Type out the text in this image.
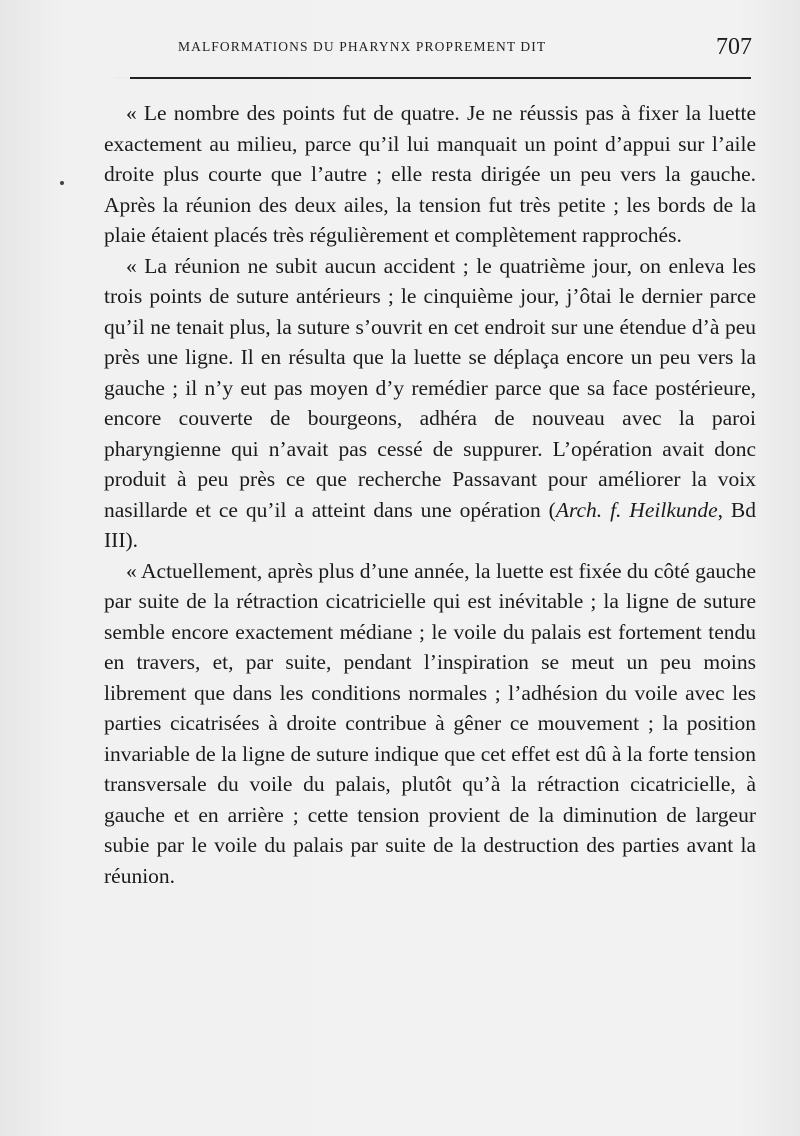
MALFORMATIONS DU PHARYNX PROPREMENT DIT	707

« Le nombre des points fut de quatre. Je ne réussis pas à fixer la luette exactement au milieu, parce qu’il lui manquait un point d’appui sur l’aile droite plus courte que l’autre ; elle resta dirigée un peu vers la gauche. Après la réunion des deux ailes, la tension fut très petite ; les bords de la plaie étaient placés très régulièrement et complètement rapprochés.

« La réunion ne subit aucun accident ; le quatrième jour, on enleva les trois points de suture antérieurs ; le cinquième jour, j’ôtai le dernier parce qu’il ne tenait plus, la suture s’ouvrit en cet endroit sur une étendue d’à peu près une ligne. Il en résulta que la luette se déplaça encore un peu vers la gauche ; il n’y eut pas moyen d’y remédier parce que sa face postérieure, encore couverte de bourgeons, adhéra de nouveau avec la paroi pharyngienne qui n’avait pas cessé de suppurer. L’opération avait donc produit à peu près ce que recherche Passavant pour améliorer la voix nasillarde et ce qu’il a atteint dans une opération (Arch. f. Heilkunde, Bd III).

« Actuellement, après plus d’une année, la luette est fixée du côté gauche par suite de la rétraction cicatricielle qui est inévitable ; la ligne de suture semble encore exactement médiane ; le voile du palais est fortement tendu en travers, et, par suite, pendant l’inspiration se meut un peu moins librement que dans les conditions normales ; l’adhésion du voile avec les parties cicatrisées à droite contribue à gêner ce mouvement ; la position invariable de la ligne de suture indique que cet effet est dû à la forte tension transversale du voile du palais, plutôt qu’à la rétraction cicatricielle, à gauche et en arrière ; cette tension provient de la diminution de largeur subie par le voile du palais par suite de la destruction des parties avant la réunion.
